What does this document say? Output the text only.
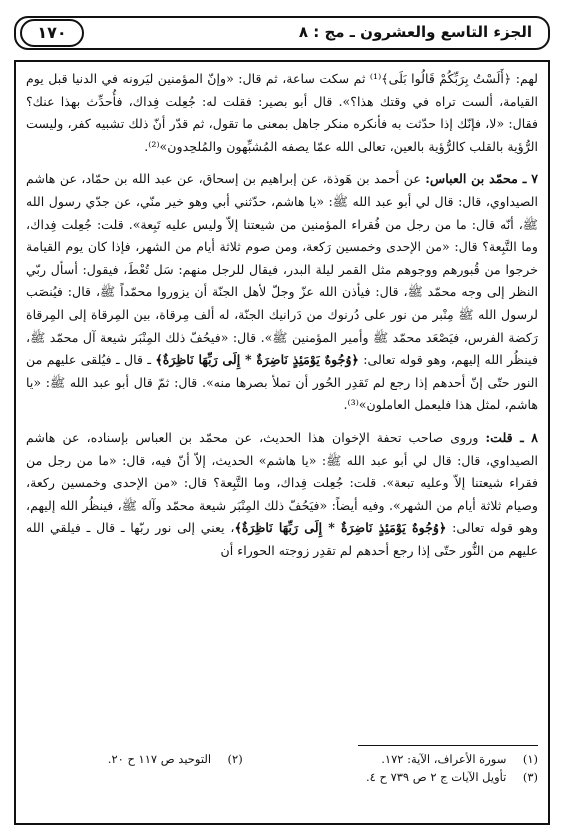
الجزء التاسع والعشرون ـ مج : ٨
١٧٠

لهم: ﴿أَلَسْتُ بِرَبِّكُمْ قَالُوا بَلَى﴾⁽¹⁾ ثم سكت ساعة، ثم قال: «وإنّ المؤمنين ليَرونه في الدنيا قبل يوم القيامة، ألست تراه في وقتك هذا؟». قال أبو بصير: فقلت له: جُعِلت فِداك، فأُحدِّث بهذا عنك؟ فقال: «لا، فإنّك إذا حدّثت به فأنكره منكر جاهل بمعنى ما تقول، ثم قدّر أنّ ذلك تشبيه كفر، وليست الرُّؤية بالقلب كالرُّؤية بالعين، تعالى الله عمّا يصفه المُشبِّهون والمُلحِدون»⁽²⁾.

٧ ـ محمّد بن العباس: عن أحمد بن هَوذة، عن إبراهيم بن إسحاق، عن عبد الله بن حمّاد، عن هاشم الصيداوي، قال: قال لي أبو عبد الله ﷺ: «يا هاشم، حدّثني أبي وهو خير منّي، عن جدّي رسول الله ﷺ، أنّه قال: ما من رجل من فُقراء المؤمنين من شيعتنا إلاّ وليس عليه تَبِعة». قلت: جُعِلت فِداك، وما التَّبِعة؟ قال: «من الإحدى وخمسين رَكعة، ومن صوم ثلاثة أيام من الشهر، فإذا كان يوم القيامة خرجوا من قُبورهم ووجوهم مثل القمر ليلة البدر، فيقال للرجل منهم: سَل تُعْطَ، فيقول: أسأل ربّي النظر إلى وجه محمّد ﷺ، قال: فيأذن الله عزّ وجلّ لأهل الجنّة أن يزوروا محمّداً ﷺ، قال: فيُنصَب لرسول الله ﷺ مِنْبر من نور على دُرنوك من دَرانيك الجنّة، له ألف مِرقاة، بين المِرقاة إلى المِرقاة رَكضة الفرس، فيَصْعَد محمّد ﷺ وأمير المؤمنين ﷺ». قال: «فيحُفّ ذلك المِنْبَر شيعة آل محمّد ﷺ، فينظُر الله إليهم، وهو قوله تعالى: ﴿وُجُوهٌ يَوْمَئِذٍ نَاضِرَةٌ * إِلَى رَبِّهَا نَاظِرَةٌ﴾ ـ قال ـ فيُلقى عليهم من النور حتّى إنّ أحدهم إذا رجع لم تَقدِر الحُور أن تملأ بصرها منه». قال: ثمّ قال أبو عبد الله ﷺ: «يا هاشم، لمثل هذا فليعمل العاملون»⁽³⁾.

٨ ـ قلت: وروى صاحب تحفة الإخوان هذا الحديث، عن محمّد بن العباس بإسناده، عن هاشم الصيداوي، قال: قال لي أبو عبد الله ﷺ: «يا هاشم» الحديث، إلاّ أنّ فيه، قال: «ما من رجل من فقراء شيعتنا إلاّ وعليه تبعة». قلت: جُعِلت فِداك، وما التَّبِعة؟ قال: «من الإحدى وخمسين ركعة، وصيام ثلاثة أيام من الشهر». وفيه أيضاً: «فيَحُفّ ذلك المِنْبَر شيعة محمّد وآله ﷺ، فينظُر الله إليهم، وهو قوله تعالى: ﴿وُجُوهٌ يَوْمَئِذٍ نَاضِرَةٌ * إِلَى رَبِّهَا نَاظِرَةٌ﴾، يعني إلى نور ربّها ـ قال ـ فيلقي الله عليهم من النُّور حتّى إذا رجع أحدهم لم تقدِر زوجته الحوراء أن

(١) سورة الأعراف، الآية: ١٧٢. (٢) التوحيد ص ١١٧ ح ٢٠.
(٣) تأويل الآيات ج ٢ ص ٧٣٩ ح ٤.
